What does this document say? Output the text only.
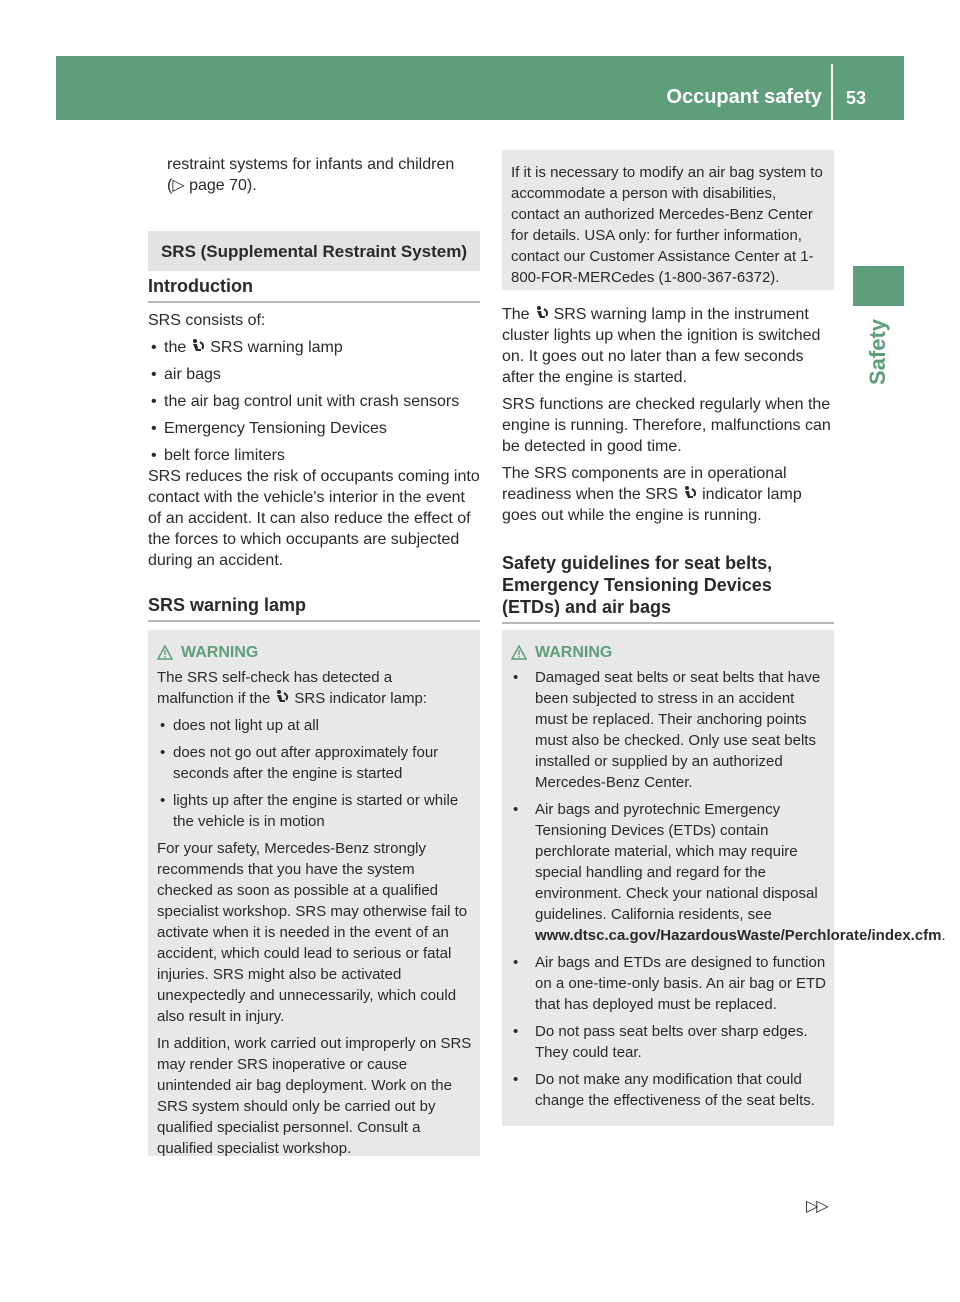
Occupant safety 53
Safety

restraint systems for infants and children

(▷ page 70).

SRS (Supplemental Restraint System)
Introduction

SRS consists of:

• the SRS warning lamp

• air bags

• the air bag control unit with crash sensors

• Emergency Tensioning Devices

• belt force limiters

SRS reduces the risk of occupants coming into contact with the vehicle's interior in the event of an accident. It can also reduce the effect of the forces to which occupants are subjected during an accident.

SRS warning lamp
WARNING

The SRS self-check has detected a malfunction if the SRS indicator lamp:

• does not light up at all

• does not go out after approximately four seconds after the engine is started

• lights up after the engine is started or while the vehicle is in motion

For your safety, Mercedes-Benz strongly recommends that you have the system checked as soon as possible at a qualified specialist workshop. SRS may otherwise fail to activate when it is needed in the event of an accident, which could lead to serious or fatal injuries. SRS might also be activated unexpectedly and unnecessarily, which could also result in injury.

In addition, work carried out improperly on SRS may render SRS inoperative or cause unintended air bag deployment. Work on the SRS system should only be carried out by qualified specialist personnel. Consult a qualified specialist workshop.

If it is necessary to modify an air bag system to accommodate a person with disabilities, contact an authorized Mercedes-Benz Center for details. USA only: for further information, contact our Customer Assistance Center at 1-800-FOR-MERCedes (1-800-367-6372).

The SRS warning lamp in the instrument cluster lights up when the ignition is switched on. It goes out no later than a few seconds after the engine is started.

SRS functions are checked regularly when the engine is running. Therefore, malfunctions can be detected in good time.

The SRS components are in operational readiness when the SRS indicator lamp goes out while the engine is running.

Safety guidelines for seat belts, Emergency Tensioning Devices (ETDs) and air bags
WARNING

• Damaged seat belts or seat belts that have been subjected to stress in an accident must be replaced. Their anchoring points must also be checked. Only use seat belts installed or supplied by an authorized Mercedes-Benz Center.

• Air bags and pyrotechnic Emergency Tensioning Devices (ETDs) contain perchlorate material, which may require special handling and regard for the environment. Check your national disposal guidelines. California residents, see www.dtsc.ca.gov/HazardousWaste/Perchlorate/index.cfm.

• Air bags and ETDs are designed to function on a one-time-only basis. An air bag or ETD that has deployed must be replaced.

• Do not pass seat belts over sharp edges. They could tear.

• Do not make any modification that could change the effectiveness of the seat belts.

▷▷
